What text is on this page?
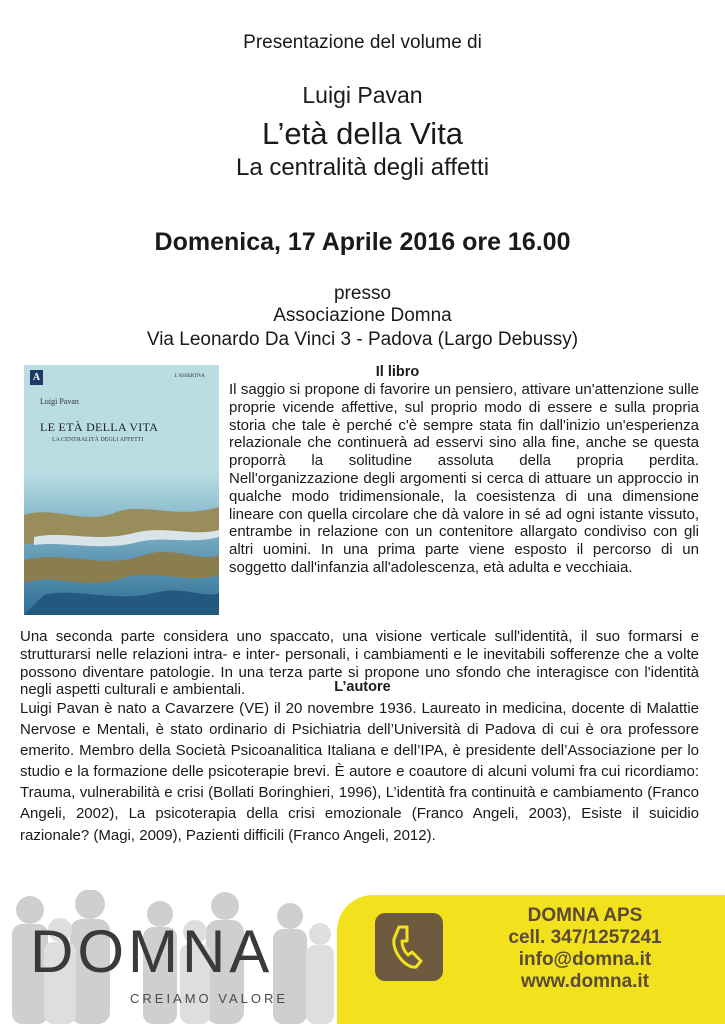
Presentazione del volume di
Luigi Pavan
L’età della Vita
La centralità degli affetti
Domenica, 17 Aprile 2016 ore 16.00
presso
Associazione Domna
Via Leonardo Da Vinci 3 - Padova (Largo Debussy)
A	L'ASSERTIVA
Luigi Pavan
LE ETÀ DELLA VITA
LA CENTRALITÀ DEGLI AFFETTI
Il libro
Il saggio si propone di favorire un pensiero, attivare un'attenzione sulle proprie vicende affettive, sul proprio modo di essere e sulla propria storia che tale è perché c'è sempre stata fin dall'inizio un'esperienza relazionale che continuerà ad esservi sino alla fine, anche se questa proporrà la solitudine assoluta della propria perdita. Nell'organizzazione degli argomenti si cerca di attuare un approccio in qualche modo tridimensionale, la coesistenza di una dimensione lineare con quella circolare che dà valore in sé ad ogni istante vissuto, entrambe in relazione con un contenitore allargato condiviso con gli altri uomini. In una prima parte viene esposto il percorso di un soggetto dall'infanzia all'adolescenza, età adulta e vecchiaia.
Una seconda parte considera uno spaccato, una visione verticale sull'identità, il suo formarsi e strutturarsi nelle relazioni intra- e inter- personali, i cambiamenti e le inevitabili sofferenze che a volte possono diventare patologie. In una terza parte si propone uno sfondo che interagisce con l'identità negli aspetti culturali e ambientali.	L’autore
Luigi Pavan è nato a Cavarzere (VE) il 20 novembre 1936. Laureato in medicina, docente di Malattie Nervose e Mentali, è stato ordinario di Psichiatria dell’Università di Padova di cui è ora professore emerito. Membro della Società Psicoanalitica Italiana e dell’IPA, è presidente dell’Associazione per lo studio e la formazione delle psicoterapie brevi. È autore e coautore di alcuni volumi fra cui ricordiamo: Trauma, vulnerabilità e crisi (Bollati Boringhieri, 1996), L’identità fra continuità e cambiamento (Franco Angeli, 2002), La psicoterapia della crisi emozionale (Franco Angeli, 2003), Esiste il suicidio razionale? (Magi, 2009), Pazienti difficili (Franco Angeli, 2012).
DOMNA
CREIAMO VALORE
DOMNA APS
cell. 347/1257241
info@domna.it
www.domna.it
